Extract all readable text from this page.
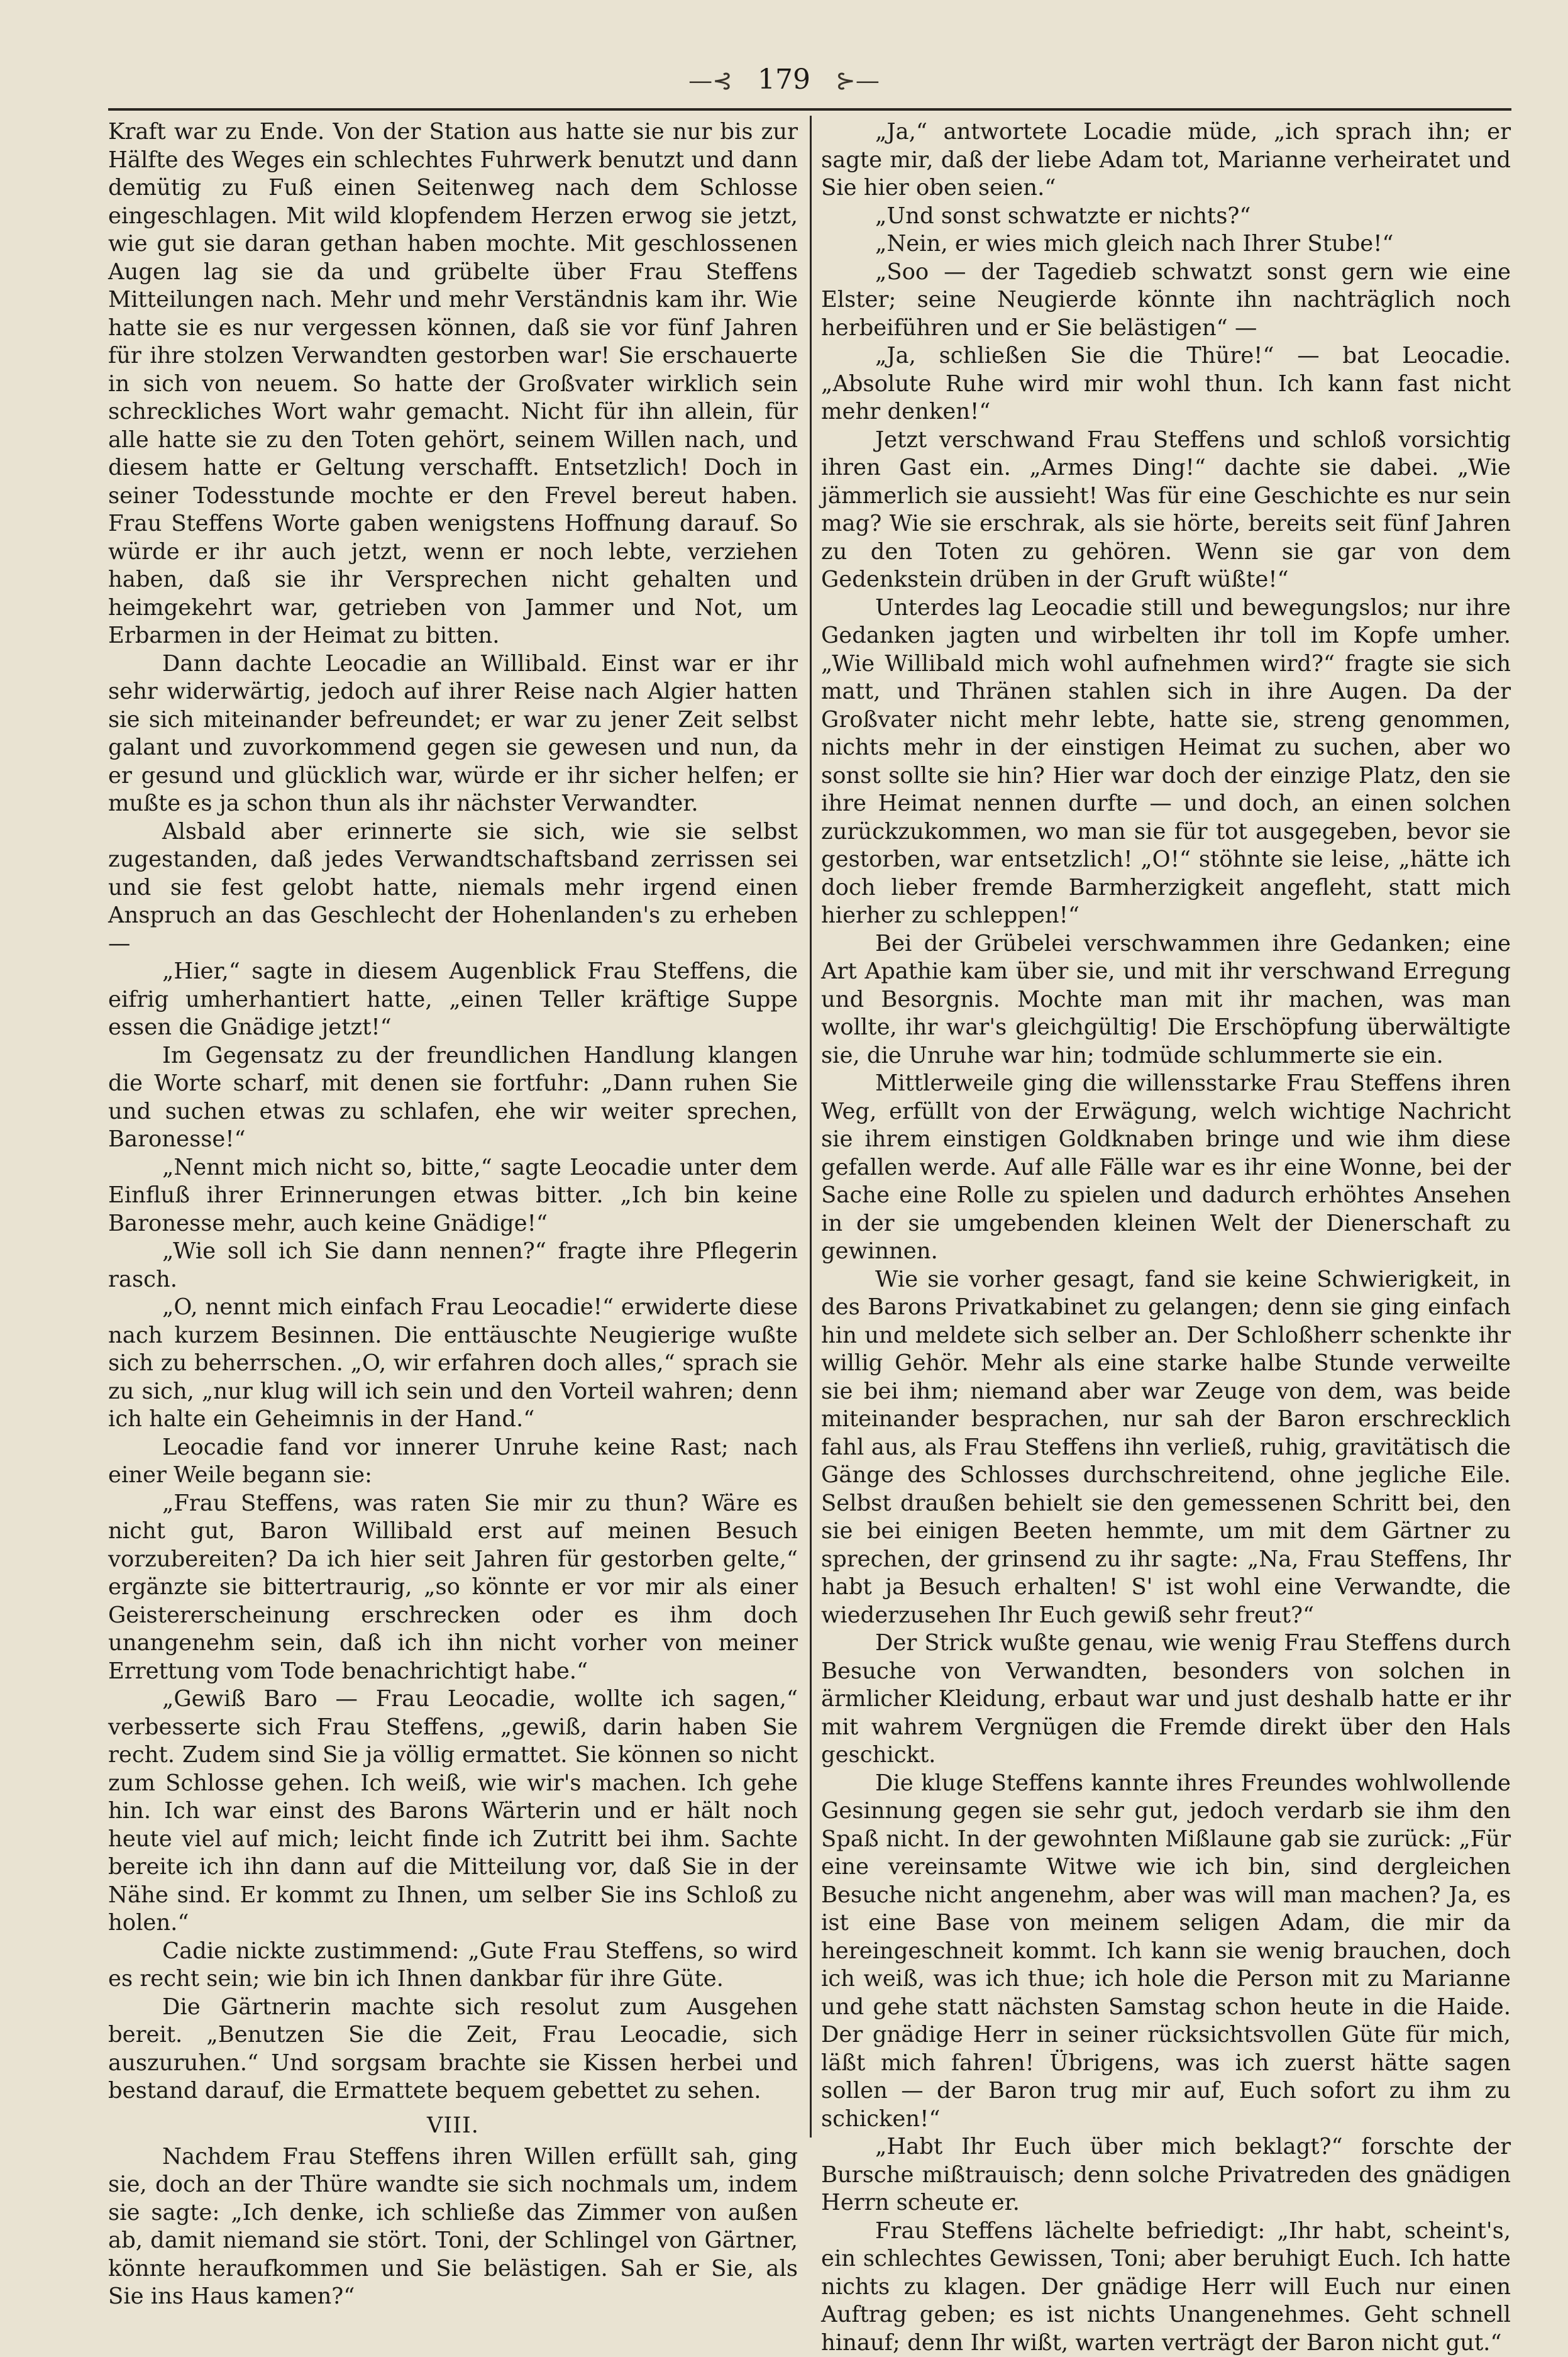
—⊰ 179 ⊱—

Kraft war zu Ende. Von der Station aus hatte sie nur bis zur Hälfte des Weges ein schlechtes Fuhrwerk benutzt und dann demütig zu Fuß einen Seitenweg nach dem Schlosse eingeschlagen. Mit wild klopfendem Herzen erwog sie jetzt, wie gut sie daran gethan haben mochte. Mit geschlossenen Augen lag sie da und grübelte über Frau Steffens Mitteilungen nach. Mehr und mehr Verständnis kam ihr. Wie hatte sie es nur vergessen können, daß sie vor fünf Jahren für ihre stolzen Verwandten gestorben war! Sie erschauerte in sich von neuem. So hatte der Großvater wirklich sein schreckliches Wort wahr gemacht. Nicht für ihn allein, für alle hatte sie zu den Toten gehört, seinem Willen nach, und diesem hatte er Geltung verschafft. Entsetzlich! Doch in seiner Todesstunde mochte er den Frevel bereut haben. Frau Steffens Worte gaben wenigstens Hoffnung darauf. So würde er ihr auch jetzt, wenn er noch lebte, verziehen haben, daß sie ihr Versprechen nicht gehalten und heimgekehrt war, getrieben von Jammer und Not, um Erbarmen in der Heimat zu bitten.

Dann dachte Leocadie an Willibald. Einst war er ihr sehr widerwärtig, jedoch auf ihrer Reise nach Algier hatten sie sich miteinander befreundet; er war zu jener Zeit selbst galant und zuvorkommend gegen sie gewesen und nun, da er gesund und glücklich war, würde er ihr sicher helfen; er mußte es ja schon thun als ihr nächster Verwandter.

Alsbald aber erinnerte sie sich, wie sie selbst zugestanden, daß jedes Verwandtschaftsband zerrissen sei und sie fest gelobt hatte, niemals mehr irgend einen Anspruch an das Geschlecht der Hohenlanden's zu erheben —

„Hier,“ sagte in diesem Augenblick Frau Steffens, die eifrig umherhantiert hatte, „einen Teller kräftige Suppe essen die Gnädige jetzt!“

Im Gegensatz zu der freundlichen Handlung klangen die Worte scharf, mit denen sie fortfuhr: „Dann ruhen Sie und suchen etwas zu schlafen, ehe wir weiter sprechen, Baronesse!“

„Nennt mich nicht so, bitte,“ sagte Leocadie unter dem Einfluß ihrer Erinnerungen etwas bitter. „Ich bin keine Baronesse mehr, auch keine Gnädige!“

„Wie soll ich Sie dann nennen?“ fragte ihre Pflegerin rasch.

„O, nennt mich einfach Frau Leocadie!“ erwiderte diese nach kurzem Besinnen. Die enttäuschte Neugierige wußte sich zu beherrschen. „O, wir erfahren doch alles,“ sprach sie zu sich, „nur klug will ich sein und den Vorteil wahren; denn ich halte ein Geheimnis in der Hand.“

Leocadie fand vor innerer Unruhe keine Rast; nach einer Weile begann sie:

„Frau Steffens, was raten Sie mir zu thun? Wäre es nicht gut, Baron Willibald erst auf meinen Besuch vorzubereiten? Da ich hier seit Jahren für gestorben gelte,“ ergänzte sie bittertraurig, „so könnte er vor mir als einer Geistererscheinung erschrecken oder es ihm doch unangenehm sein, daß ich ihn nicht vorher von meiner Errettung vom Tode benachrichtigt habe.“

„Gewiß Baro — Frau Leocadie, wollte ich sagen,“ verbesserte sich Frau Steffens, „gewiß, darin haben Sie recht. Zudem sind Sie ja völlig ermattet. Sie können so nicht zum Schlosse gehen. Ich weiß, wie wir's machen. Ich gehe hin. Ich war einst des Barons Wärterin und er hält noch heute viel auf mich; leicht finde ich Zutritt bei ihm. Sachte bereite ich ihn dann auf die Mitteilung vor, daß Sie in der Nähe sind. Er kommt zu Ihnen, um selber Sie ins Schloß zu holen.“

Cadie nickte zustimmend: „Gute Frau Steffens, so wird es recht sein; wie bin ich Ihnen dankbar für ihre Güte.

Die Gärtnerin machte sich resolut zum Ausgehen bereit. „Benutzen Sie die Zeit, Frau Leocadie, sich auszuruhen.“ Und sorgsam brachte sie Kissen herbei und bestand darauf, die Ermattete bequem gebettet zu sehen.

VIII.

Nachdem Frau Steffens ihren Willen erfüllt sah, ging sie, doch an der Thüre wandte sie sich nochmals um, indem sie sagte: „Ich denke, ich schließe das Zimmer von außen ab, damit niemand sie stört. Toni, der Schlingel von Gärtner, könnte heraufkommen und Sie belästigen. Sah er Sie, als Sie ins Haus kamen?“

„Ja,“ antwortete Locadie müde, „ich sprach ihn; er sagte mir, daß der liebe Adam tot, Marianne verheiratet und Sie hier oben seien.“

„Und sonst schwatzte er nichts?“

„Nein, er wies mich gleich nach Ihrer Stube!“

„Soo — der Tagedieb schwatzt sonst gern wie eine Elster; seine Neugierde könnte ihn nachträglich noch herbeiführen und er Sie belästigen“ —

„Ja, schließen Sie die Thüre!“ — bat Leocadie. „Absolute Ruhe wird mir wohl thun. Ich kann fast nicht mehr denken!“

Jetzt verschwand Frau Steffens und schloß vorsichtig ihren Gast ein. „Armes Ding!“ dachte sie dabei. „Wie jämmerlich sie aussieht! Was für eine Geschichte es nur sein mag? Wie sie erschrak, als sie hörte, bereits seit fünf Jahren zu den Toten zu gehören. Wenn sie gar von dem Gedenkstein drüben in der Gruft wüßte!“

Unterdes lag Leocadie still und bewegungslos; nur ihre Gedanken jagten und wirbelten ihr toll im Kopfe umher. „Wie Willibald mich wohl aufnehmen wird?“ fragte sie sich matt, und Thränen stahlen sich in ihre Augen. Da der Großvater nicht mehr lebte, hatte sie, streng genommen, nichts mehr in der einstigen Heimat zu suchen, aber wo sonst sollte sie hin? Hier war doch der einzige Platz, den sie ihre Heimat nennen durfte — und doch, an einen solchen zurückzukommen, wo man sie für tot ausgegeben, bevor sie gestorben, war entsetzlich! „O!“ stöhnte sie leise, „hätte ich doch lieber fremde Barmherzigkeit angefleht, statt mich hierher zu schleppen!“

Bei der Grübelei verschwammen ihre Gedanken; eine Art Apathie kam über sie, und mit ihr verschwand Erregung und Besorgnis. Mochte man mit ihr machen, was man wollte, ihr war's gleichgültig! Die Erschöpfung überwältigte sie, die Unruhe war hin; todmüde schlummerte sie ein.

Mittlerweile ging die willensstarke Frau Steffens ihren Weg, erfüllt von der Erwägung, welch wichtige Nachricht sie ihrem einstigen Goldknaben bringe und wie ihm diese gefallen werde. Auf alle Fälle war es ihr eine Wonne, bei der Sache eine Rolle zu spielen und dadurch erhöhtes Ansehen in der sie umgebenden kleinen Welt der Dienerschaft zu gewinnen.

Wie sie vorher gesagt, fand sie keine Schwierigkeit, in des Barons Privatkabinet zu gelangen; denn sie ging einfach hin und meldete sich selber an. Der Schloßherr schenkte ihr willig Gehör. Mehr als eine starke halbe Stunde verweilte sie bei ihm; niemand aber war Zeuge von dem, was beide miteinander besprachen, nur sah der Baron erschrecklich fahl aus, als Frau Steffens ihn verließ, ruhig, gravitätisch die Gänge des Schlosses durchschreitend, ohne jegliche Eile. Selbst draußen behielt sie den gemessenen Schritt bei, den sie bei einigen Beeten hemmte, um mit dem Gärtner zu sprechen, der grinsend zu ihr sagte: „Na, Frau Steffens, Ihr habt ja Besuch erhalten! S' ist wohl eine Verwandte, die wiederzusehen Ihr Euch gewiß sehr freut?“

Der Strick wußte genau, wie wenig Frau Steffens durch Besuche von Verwandten, besonders von solchen in ärmlicher Kleidung, erbaut war und just deshalb hatte er ihr mit wahrem Vergnügen die Fremde direkt über den Hals geschickt.

Die kluge Steffens kannte ihres Freundes wohlwollende Gesinnung gegen sie sehr gut, jedoch verdarb sie ihm den Spaß nicht. In der gewohnten Mißlaune gab sie zurück: „Für eine vereinsamte Witwe wie ich bin, sind dergleichen Besuche nicht angenehm, aber was will man machen? Ja, es ist eine Base von meinem seligen Adam, die mir da hereingeschneit kommt. Ich kann sie wenig brauchen, doch ich weiß, was ich thue; ich hole die Person mit zu Marianne und gehe statt nächsten Samstag schon heute in die Haide. Der gnädige Herr in seiner rücksichtsvollen Güte für mich, läßt mich fahren! Übrigens, was ich zuerst hätte sagen sollen — der Baron trug mir auf, Euch sofort zu ihm zu schicken!“

„Habt Ihr Euch über mich beklagt?“ forschte der Bursche mißtrauisch; denn solche Privatreden des gnädigen Herrn scheute er.

Frau Steffens lächelte befriedigt: „Ihr habt, scheint's, ein schlechtes Gewissen, Toni; aber beruhigt Euch. Ich hatte nichts zu klagen. Der gnädige Herr will Euch nur einen Auftrag geben; es ist nichts Unangenehmes. Geht schnell hinauf; denn Ihr wißt, warten verträgt der Baron nicht gut.“
